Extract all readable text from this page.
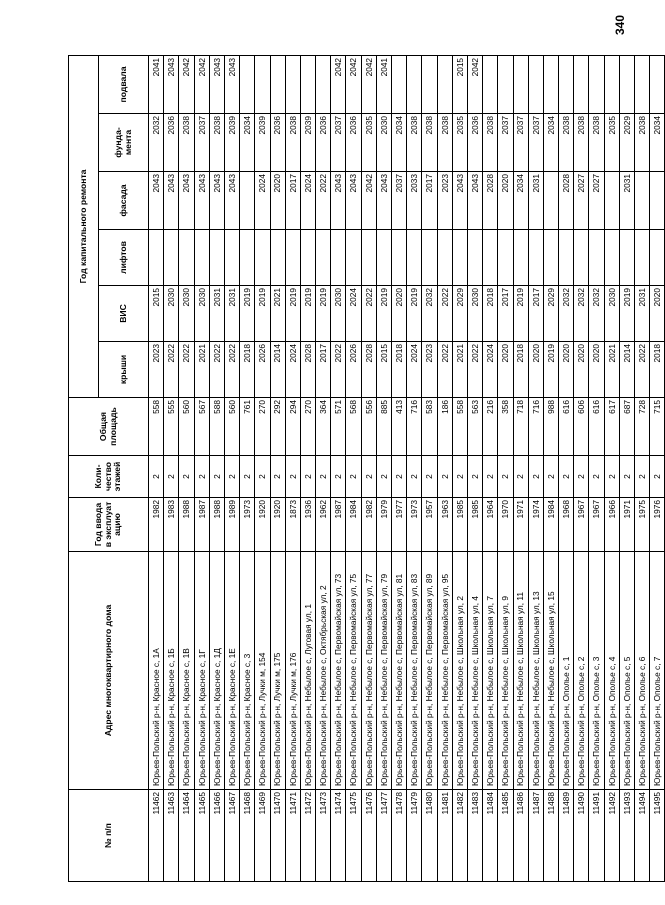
340
№ п/п	Адрес многоквартирного дома	Год ввода в эксплуат ацию	Коли- чество этажей	Общая площадь	Год капитального ремонта					
					крыши	ВИС	лифтов	фасада	фунда- мента	подвала
11462	Юрьев-Польский р-н, Красное с, 1А	1982	2	558	2023	2015		2043	2032	2041
11463	Юрьев-Польский р-н, Красное с, 1Б	1983	2	555	2022	2030		2043	2036	2043
11464	Юрьев-Польский р-н, Красное с, 1В	1988	2	560	2022	2030		2043	2038	2042
11465	Юрьев-Польский р-н, Красное с, 1Г	1987	2	567	2021	2030		2043	2037	2042
11466	Юрьев-Польский р-н, Красное с, 1Д	1988	2	588	2022	2031		2043	2038	2043
11467	Юрьев-Польский р-н, Красное с, 1Е	1989	2	560	2022	2031		2043	2039	2043
11468	Юрьев-Польский р-н, Красное с, 3	1973	2	761	2018	2019			2034	
11469	Юрьев-Польский р-н, Лучки м, 154	1920	2	270	2026	2019		2024	2039	
11470	Юрьев-Польский р-н, Лучки м, 175	1920	2	292	2014	2021		2020	2036	
11471	Юрьев-Польский р-н, Лучки м, 176	1873	2	294	2024	2019		2017	2038	
11472	Юрьев-Польский р-н, Небылое с, Луговая ул, 1	1936	2	270	2028	2019		2024	2039	
11473	Юрьев-Польский р-н, Небылое с, Октябрьская ул, 2	1962	2	364	2017	2019		2022	2036	
11474	Юрьев-Польский р-н, Небылое с, Первомайская ул, 73	1987	2	571	2022	2030		2043	2037	2042
11475	Юрьев-Польский р-н, Небылое с, Первомайская ул, 75	1984	2	568	2026	2024		2043	2036	2042
11476	Юрьев-Польский р-н, Небылое с, Первомайская ул, 77	1982	2	556	2028	2022		2042	2035	2042
11477	Юрьев-Польский р-н, Небылое с, Первомайская ул, 79	1979	2	885	2015	2019		2043	2030	2041
11478	Юрьев-Польский р-н, Небылое с, Первомайская ул, 81	1977	2	413	2018	2020		2037	2034	
11479	Юрьев-Польский р-н, Небылое с, Первомайская ул, 83	1973	2	716	2024	2019		2033	2038	
11480	Юрьев-Польский р-н, Небылое с, Первомайская ул, 89	1957	2	583	2023	2032		2017	2038	
11481	Юрьев-Польский р-н, Небылое с, Первомайская ул, 95	1963	2	186	2022	2022		2023	2038	
11482	Юрьев-Польский р-н, Небылое с, Школьная ул, 2	1985	2	558	2021	2029		2043	2035	2015
11483	Юрьев-Польский р-н, Небылое с, Школьная ул, 4	1985	2	563	2022	2030		2043	2036	2042
11484	Юрьев-Польский р-н, Небылое с, Школьная ул, 7	1964	2	216	2024	2018		2028	2038	
11485	Юрьев-Польский р-н, Небылое с, Школьная ул, 9	1970	2	358	2020	2017		2020	2037	
11486	Юрьев-Польский р-н, Небылое с, Школьная ул, 11	1971	2	718	2018	2019		2034	2037	
11487	Юрьев-Польский р-н, Небылое с, Школьная ул, 13	1974	2	716	2020	2017		2031	2037	
11488	Юрьев-Польский р-н, Небылое с, Школьная ул, 15	1984	2	988	2019	2029			2034	
11489	Юрьев-Польский р-н, Ополье с, 1	1968	2	616	2020	2032		2028	2038	
11490	Юрьев-Польский р-н, Ополье с, 2	1967	2	606	2020	2032		2027	2038	
11491	Юрьев-Польский р-н, Ополье с, 3	1967	2	616	2020	2032		2027	2038	
11492	Юрьев-Польский р-н, Ополье с, 4	1966	2	617	2021	2030			2035	
11493	Юрьев-Польский р-н, Ополье с, 5	1971	2	687	2014	2019		2031	2029	
11494	Юрьев-Польский р-н, Ополье с, 6	1975	2	728	2022	2031			2038	
11495	Юрьев-Польский р-н, Ополье с, 7	1976	2	715	2018	2020			2034	
